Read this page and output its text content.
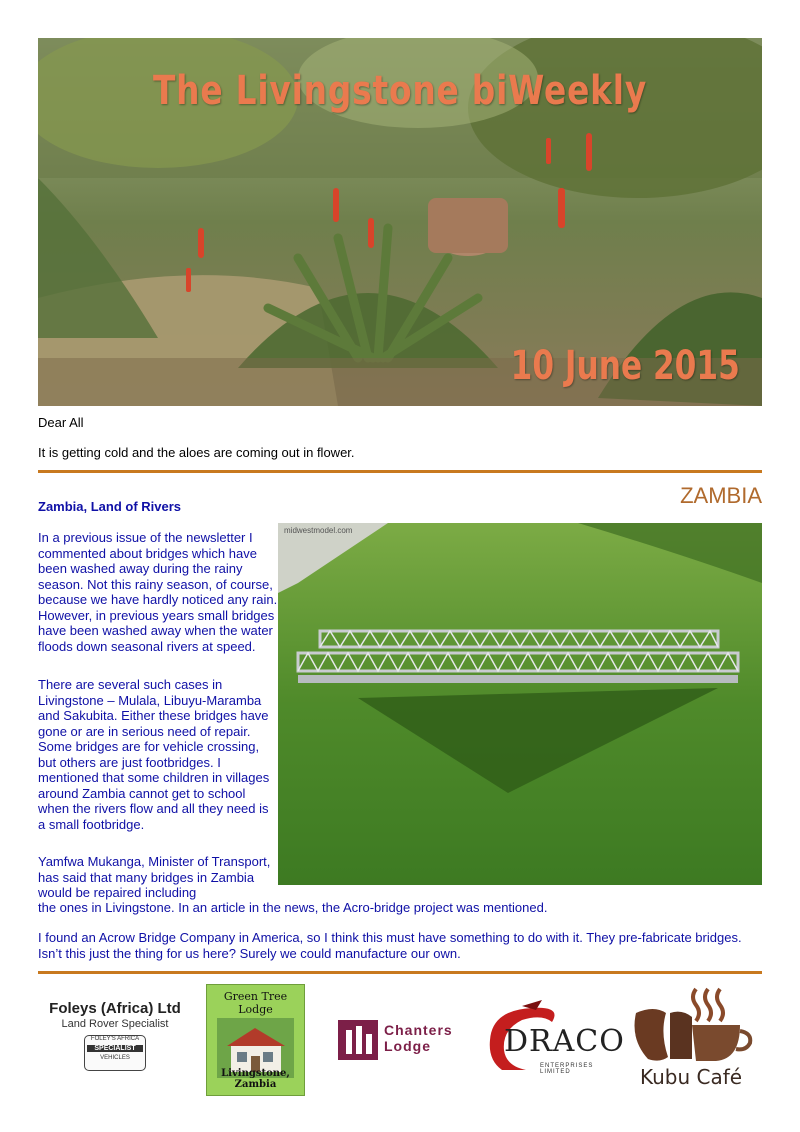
The Livingstone biWeekly
10 June 2015
Dear All
It is getting cold and the aloes are coming out in flower.
ZAMBIA
Zambia, Land of Rivers

In a previous issue of the newsletter I commented about bridges which have been washed away during the rainy season. Not this rainy season, of course, because we have hardly noticed any rain. However, in previous years small bridges have been washed away when the water floods down seasonal rivers at speed.

There are several such cases in Livingstone – Mulala, Libuyu-Maramba and Sakubita. Either these bridges have gone or are in serious need of repair. Some bridges are for vehicle crossing, but others are just footbridges. I mentioned that some children in villages around Zambia cannot get to school when the rivers flow and all they need is a small footbridge.

Yamfwa Mukanga, Minister of Transport, has said that many bridges in Zambia would be repaired including

the ones in Livingstone. In an article in the news, the Acro-bridge project was mentioned.

I found an Acrow Bridge Company in America, so I think this must have something to do with it. They pre-fabricate bridges. Isn’t this just the thing for us here? Surely we could manufacture our own.

midwestmodel.com
Foleys (Africa) Ltd
Land Rover Specialist
FOLEY'S AFRICA
SPECIALIST
VEHICLES
Green Tree Lodge
Livingstone, Zambia
Chanters
Lodge	DRACO
ENTERPRISES LIMITED	Kubu Café
